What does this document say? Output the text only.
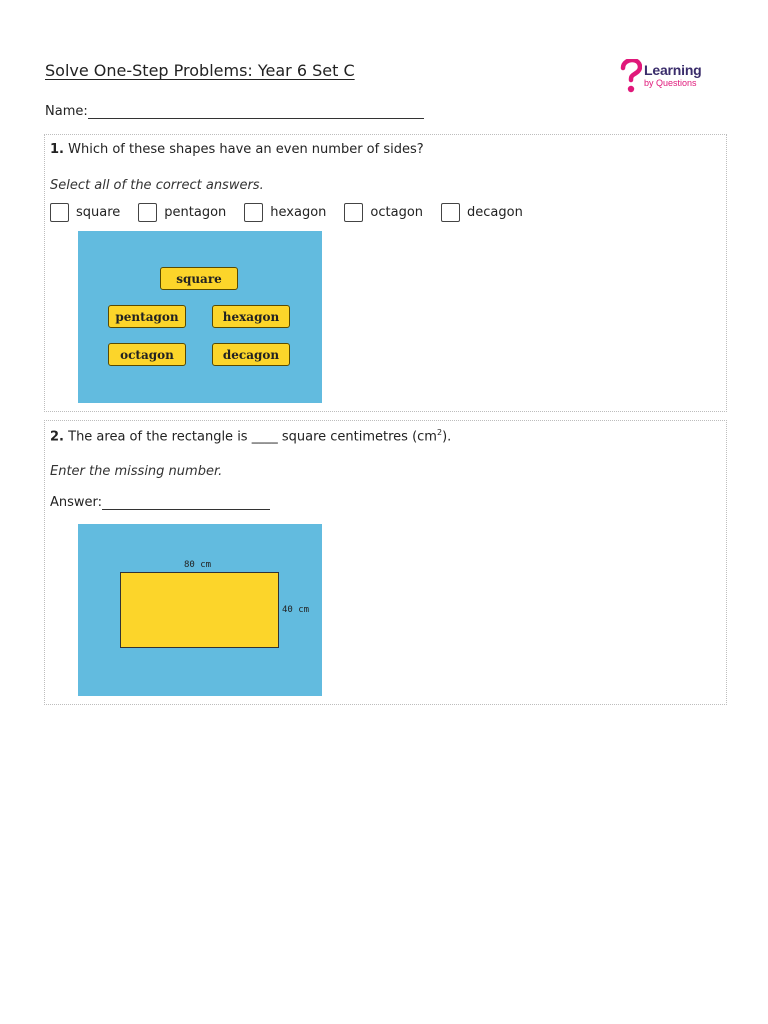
Solve One-Step Problems: Year 6 Set C	Learning
by Questions
Name:
1. Which of these shapes have an even number of sides?
Select all of the correct answers.
square	pentagon	hexagon	octagon	decagon
square
pentagon	hexagon
octagon	decagon
2. The area of the rectangle is ____ square centimetres $(cm^2)$.
Enter the missing number.
Answer:
80 cm
40 cm
